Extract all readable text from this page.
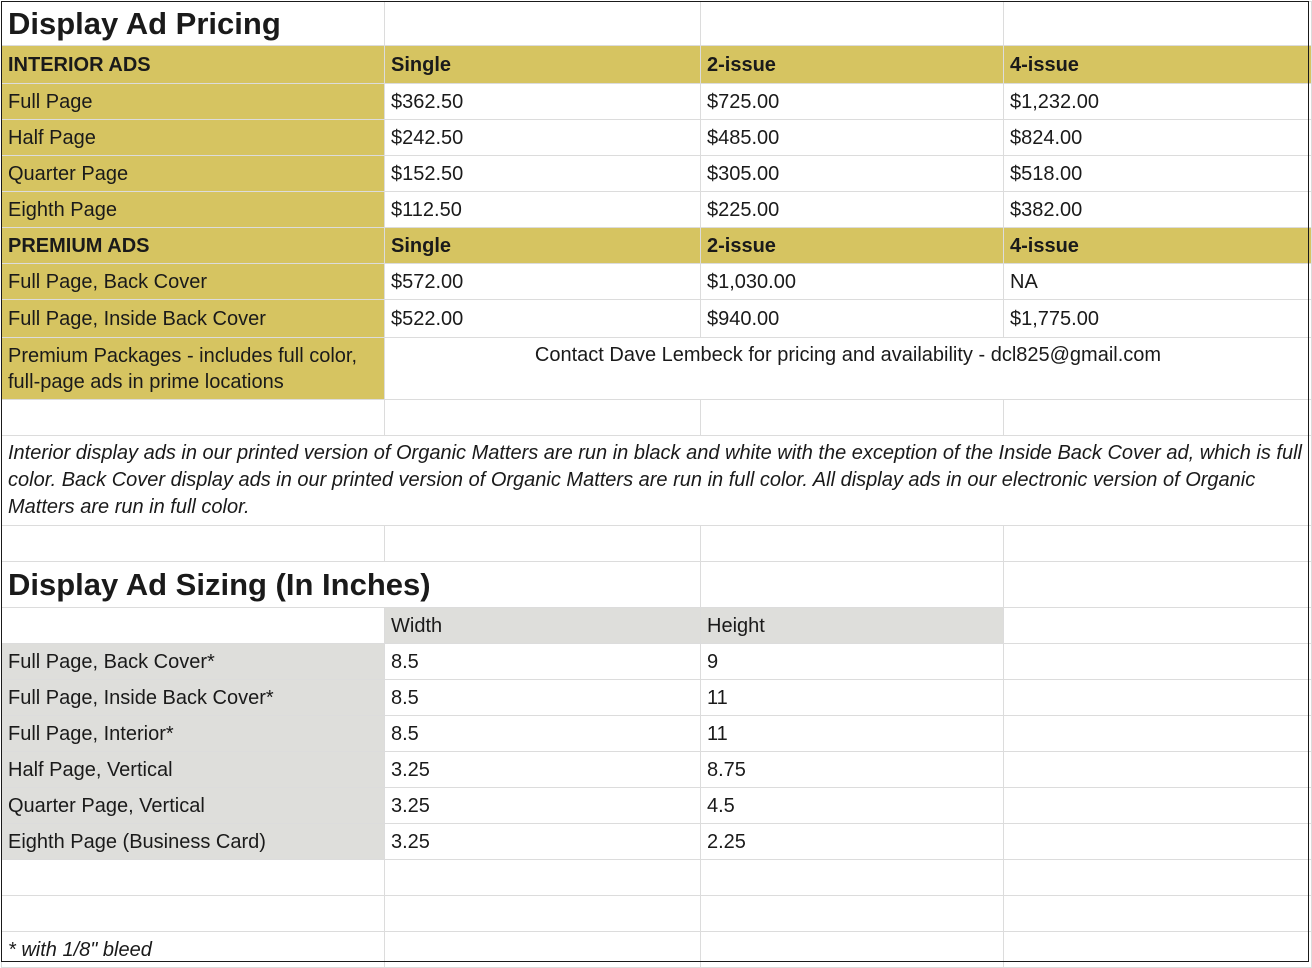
Display Ad Pricing			
INTERIOR ADS	Single	2-issue	4-issue
Full Page	$362.50	$725.00	$1,232.00
Half Page	$242.50	$485.00	$824.00
Quarter Page	$152.50	$305.00	$518.00
Eighth Page	$112.50	$225.00	$382.00
PREMIUM ADS	Single	2-issue	4-issue
Full Page, Back Cover	$572.00	$1,030.00	NA
Full Page, Inside Back Cover	$522.00	$940.00	$1,775.00
Premium Packages - includes full color, full-page ads in prime locations	Contact Dave Lembeck for pricing and availability - dcl825@gmail.com		

Interior display ads in our printed version of Organic Matters are run in black and white with the exception of the Inside Back Cover ad, which is full color. Back Cover display ads in our printed version of Organic Matters are run in full color. All display ads in our electronic version of Organic Matters are run in full color.			

Display Ad Sizing (In Inches)			
	Width	Height	
Full Page, Back Cover*	8.5	9	
Full Page, Inside Back Cover*	8.5	11	
Full Page, Interior*	8.5	11	
Half Page, Vertical	3.25	8.75	
Quarter Page, Vertical	3.25	4.5	
Eighth Page (Business Card)	3.25	2.25	

* with 1/8" bleed			
